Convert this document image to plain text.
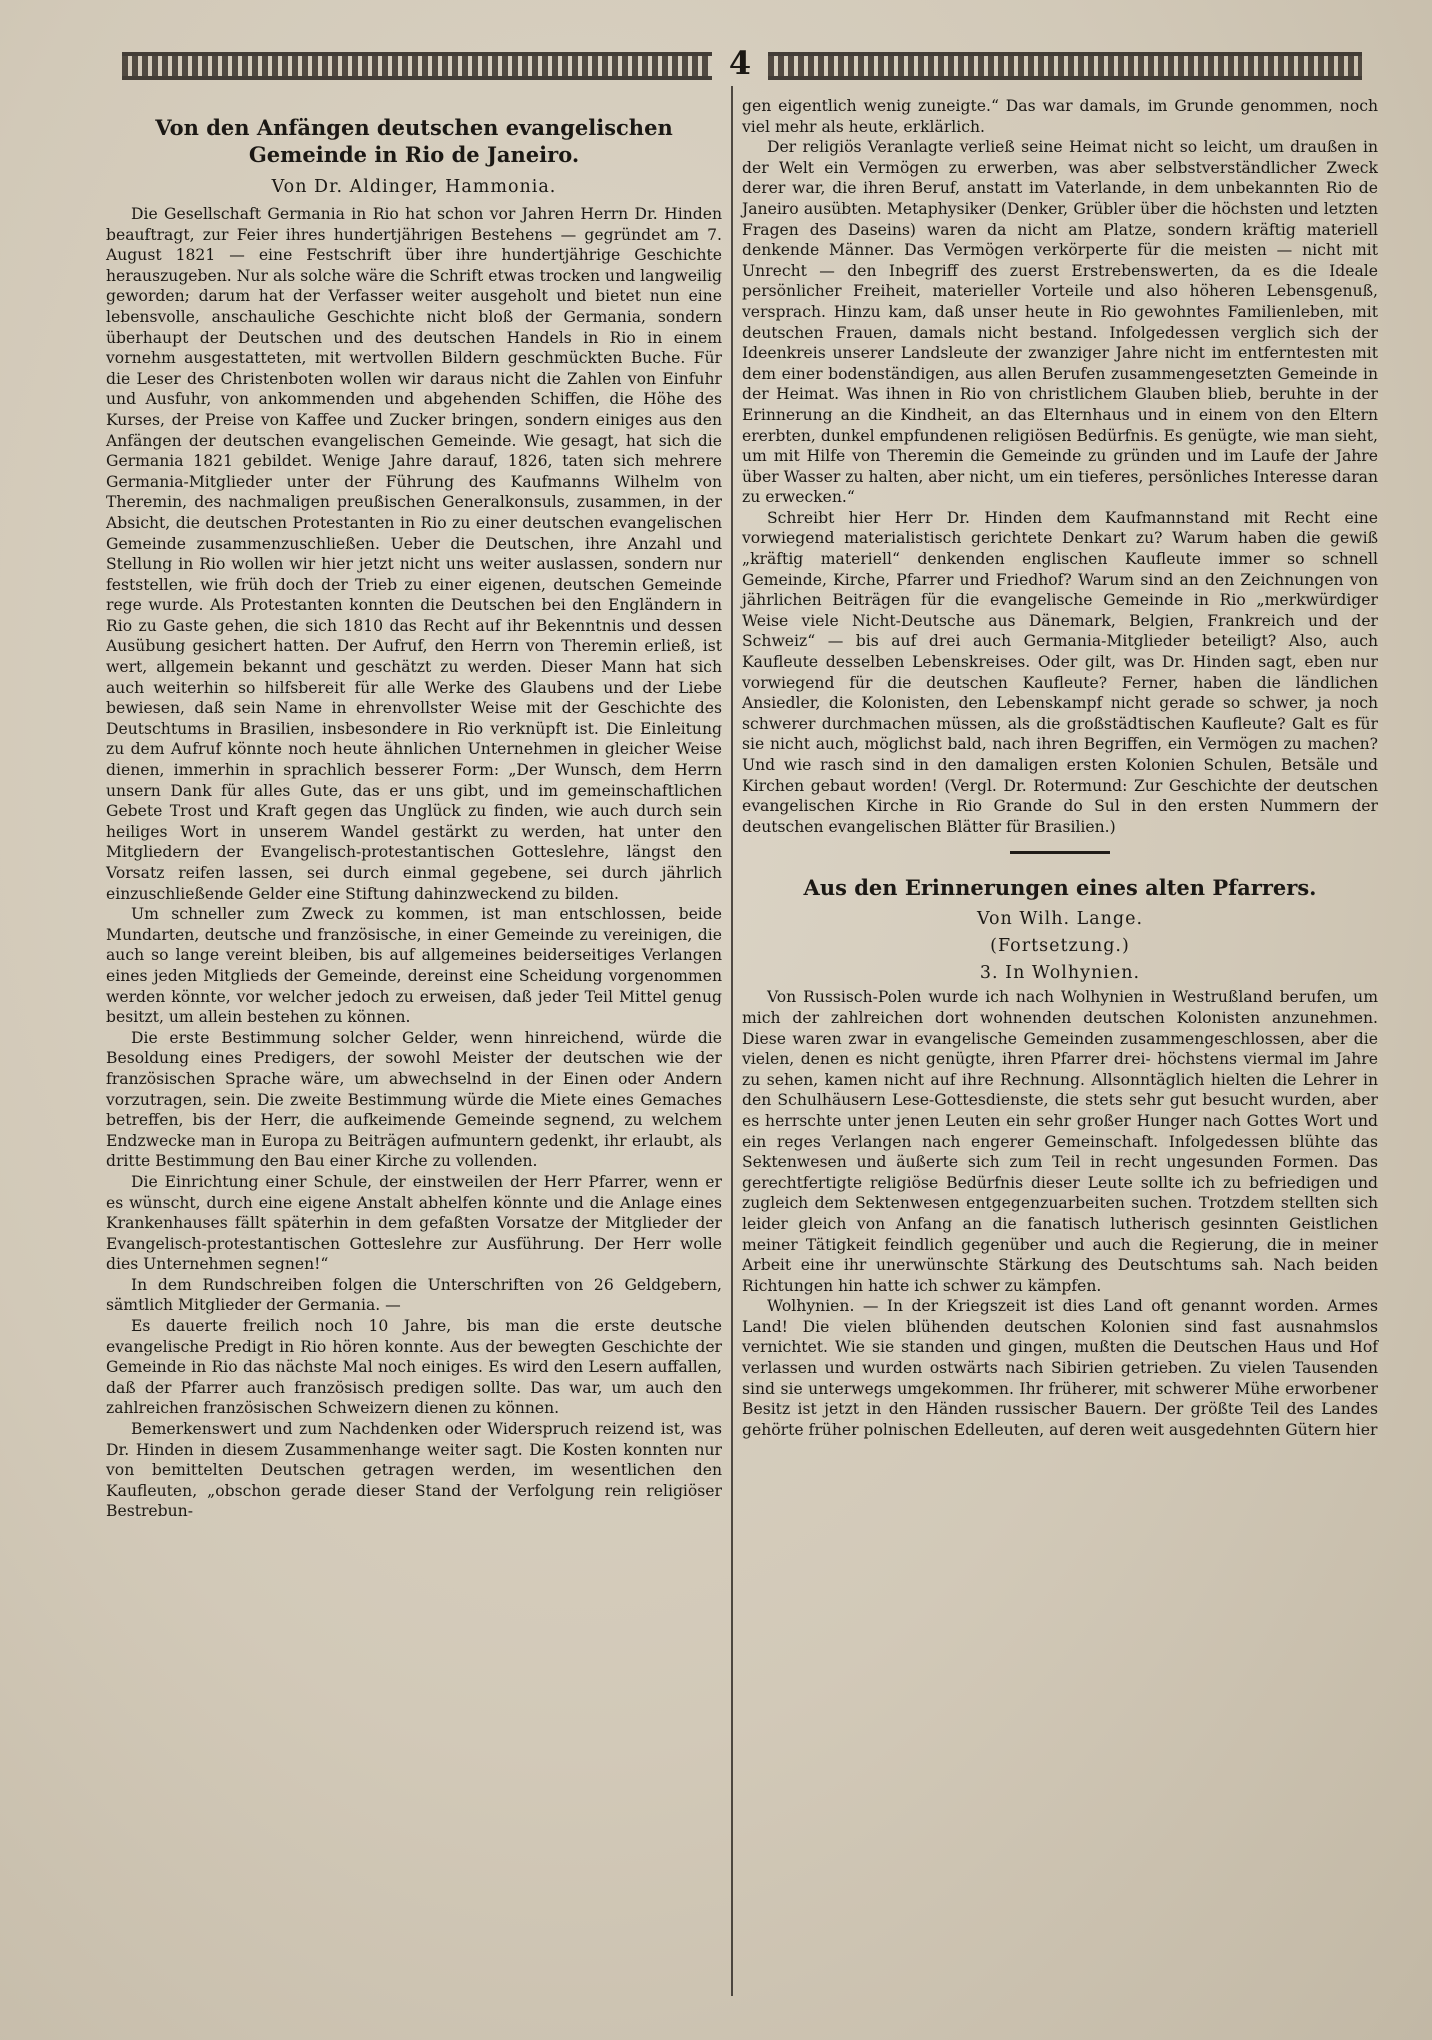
4
Von den Anfängen deutschen evangelischen Gemeinde in Rio de Janeiro.
Von Dr. Aldinger, Hammonia.

Die Gesellschaft Germania in Rio hat schon vor Jahren Herrn Dr. Hinden beauftragt, zur Feier ihres hundertjährigen Bestehens — gegründet am 7. August 1821 — eine Festschrift über ihre hundertjährige Geschichte herauszugeben. Nur als solche wäre die Schrift etwas trocken und langweilig geworden; darum hat der Verfasser weiter ausgeholt und bietet nun eine lebensvolle, anschauliche Geschichte nicht bloß der Germania, sondern überhaupt der Deutschen und des deutschen Handels in Rio in einem vornehm ausgestatteten, mit wertvollen Bildern geschmückten Buche. Für die Leser des Christenboten wollen wir daraus nicht die Zahlen von Einfuhr und Ausfuhr, von ankommenden und abgehenden Schiffen, die Höhe des Kurses, der Preise von Kaffee und Zucker bringen, sondern einiges aus den Anfängen der deutschen evangelischen Gemeinde. Wie gesagt, hat sich die Germania 1821 gebildet. Wenige Jahre darauf, 1826, taten sich mehrere Germania-Mitglieder unter der Führung des Kaufmanns Wilhelm von Theremin, des nachmaligen preußischen Generalkonsuls, zusammen, in der Absicht, die deutschen Protestanten in Rio zu einer deutschen evangelischen Gemeinde zusammenzuschließen. Ueber die Deutschen, ihre Anzahl und Stellung in Rio wollen wir hier jetzt nicht uns weiter auslassen, sondern nur feststellen, wie früh doch der Trieb zu einer eigenen, deutschen Gemeinde rege wurde. Als Protestanten konnten die Deutschen bei den Engländern in Rio zu Gaste gehen, die sich 1810 das Recht auf ihr Bekenntnis und dessen Ausübung gesichert hatten. Der Aufruf, den Herrn von Theremin erließ, ist wert, allgemein bekannt und geschätzt zu werden. Dieser Mann hat sich auch weiterhin so hilfsbereit für alle Werke des Glaubens und der Liebe bewiesen, daß sein Name in ehrenvollster Weise mit der Geschichte des Deutschtums in Brasilien, insbesondere in Rio verknüpft ist. Die Einleitung zu dem Aufruf könnte noch heute ähnlichen Unternehmen in gleicher Weise dienen, immerhin in sprachlich besserer Form: „Der Wunsch, dem Herrn unsern Dank für alles Gute, das er uns gibt, und im gemeinschaftlichen Gebete Trost und Kraft gegen das Unglück zu finden, wie auch durch sein heiliges Wort in unserem Wandel gestärkt zu werden, hat unter den Mitgliedern der Evangelisch-protestantischen Gotteslehre, längst den Vorsatz reifen lassen, sei durch einmal gegebene, sei durch jährlich einzuschließende Gelder eine Stiftung dahinzweckend zu bilden.

Um schneller zum Zweck zu kommen, ist man entschlossen, beide Mundarten, deutsche und französische, in einer Gemeinde zu vereinigen, die auch so lange vereint bleiben, bis auf allgemeines beiderseitiges Verlangen eines jeden Mitglieds der Gemeinde, dereinst eine Scheidung vorgenommen werden könnte, vor welcher jedoch zu erweisen, daß jeder Teil Mittel genug besitzt, um allein bestehen zu können.

Die erste Bestimmung solcher Gelder, wenn hinreichend, würde die Besoldung eines Predigers, der sowohl Meister der deutschen wie der französischen Sprache wäre, um abwechselnd in der Einen oder Andern vorzutragen, sein. Die zweite Bestimmung würde die Miete eines Gemaches betreffen, bis der Herr, die aufkeimende Gemeinde segnend, zu welchem Endzwecke man in Europa zu Beiträgen aufmuntern gedenkt, ihr erlaubt, als dritte Bestimmung den Bau einer Kirche zu vollenden.

Die Einrichtung einer Schule, der einstweilen der Herr Pfarrer, wenn er es wünscht, durch eine eigene Anstalt abhelfen könnte und die Anlage eines Krankenhauses fällt späterhin in dem gefaßten Vorsatze der Mitglieder der Evangelisch-protestantischen Gotteslehre zur Ausführung. Der Herr wolle dies Unternehmen segnen!“

In dem Rundschreiben folgen die Unterschriften von 26 Geldgebern, sämtlich Mitglieder der Germania. —

Es dauerte freilich noch 10 Jahre, bis man die erste deutsche evangelische Predigt in Rio hören konnte. Aus der bewegten Geschichte der Gemeinde in Rio das nächste Mal noch einiges. Es wird den Lesern auffallen, daß der Pfarrer auch französisch predigen sollte. Das war, um auch den zahlreichen französischen Schweizern dienen zu können.

Bemerkenswert und zum Nachdenken oder Widerspruch reizend ist, was Dr. Hinden in diesem Zusammenhange weiter sagt. Die Kosten konnten nur von bemittelten Deutschen getragen werden, im wesentlichen den Kaufleuten, „obschon gerade dieser Stand der Verfolgung rein religiöser Bestrebun-

gen eigentlich wenig zuneigte.“ Das war damals, im Grunde genommen, noch viel mehr als heute, erklärlich.

Der religiös Veranlagte verließ seine Heimat nicht so leicht, um draußen in der Welt ein Vermögen zu erwerben, was aber selbstverständlicher Zweck derer war, die ihren Beruf, anstatt im Vaterlande, in dem unbekannten Rio de Janeiro ausübten. Metaphysiker (Denker, Grübler über die höchsten und letzten Fragen des Daseins) waren da nicht am Platze, sondern kräftig materiell denkende Männer. Das Vermögen verkörperte für die meisten — nicht mit Unrecht — den Inbegriff des zuerst Erstrebenswerten, da es die Ideale persönlicher Freiheit, materieller Vorteile und also höheren Lebensgenuß, versprach. Hinzu kam, daß unser heute in Rio gewohntes Familienleben, mit deutschen Frauen, damals nicht bestand. Infolgedessen verglich sich der Ideenkreis unserer Landsleute der zwanziger Jahre nicht im entferntesten mit dem einer bodenständigen, aus allen Berufen zusammengesetzten Gemeinde in der Heimat. Was ihnen in Rio von christlichem Glauben blieb, beruhte in der Erinnerung an die Kindheit, an das Elternhaus und in einem von den Eltern ererbten, dunkel empfundenen religiösen Bedürfnis. Es genügte, wie man sieht, um mit Hilfe von Theremin die Gemeinde zu gründen und im Laufe der Jahre über Wasser zu halten, aber nicht, um ein tieferes, persönliches Interesse daran zu erwecken.“

Schreibt hier Herr Dr. Hinden dem Kaufmannstand mit Recht eine vorwiegend materialistisch gerichtete Denkart zu? Warum haben die gewiß „kräftig materiell“ denkenden englischen Kaufleute immer so schnell Gemeinde, Kirche, Pfarrer und Friedhof? Warum sind an den Zeichnungen von jährlichen Beiträgen für die evangelische Gemeinde in Rio „merkwürdiger Weise viele Nicht-Deutsche aus Dänemark, Belgien, Frankreich und der Schweiz“ — bis auf drei auch Germania-Mitglieder beteiligt? Also, auch Kaufleute desselben Lebenskreises. Oder gilt, was Dr. Hinden sagt, eben nur vorwiegend für die deutschen Kaufleute? Ferner, haben die ländlichen Ansiedler, die Kolonisten, den Lebenskampf nicht gerade so schwer, ja noch schwerer durchmachen müssen, als die großstädtischen Kaufleute? Galt es für sie nicht auch, möglichst bald, nach ihren Begriffen, ein Vermögen zu machen? Und wie rasch sind in den damaligen ersten Kolonien Schulen, Betsäle und Kirchen gebaut worden! (Vergl. Dr. Rotermund: Zur Geschichte der deutschen evangelischen Kirche in Rio Grande do Sul in den ersten Nummern der deutschen evangelischen Blätter für Brasilien.)

Aus den Erinnerungen eines alten Pfarrers.
Von Wilh. Lange.
(Fortsetzung.)
3. In Wolhynien.

Von Russisch-Polen wurde ich nach Wolhynien in Westrußland berufen, um mich der zahlreichen dort wohnenden deutschen Kolonisten anzunehmen. Diese waren zwar in evangelische Gemeinden zusammengeschlossen, aber die vielen, denen es nicht genügte, ihren Pfarrer drei- höchstens viermal im Jahre zu sehen, kamen nicht auf ihre Rechnung. Allsonntäglich hielten die Lehrer in den Schulhäusern Lese-Gottesdienste, die stets sehr gut besucht wurden, aber es herrschte unter jenen Leuten ein sehr großer Hunger nach Gottes Wort und ein reges Verlangen nach engerer Gemeinschaft. Infolgedessen blühte das Sektenwesen und äußerte sich zum Teil in recht ungesunden Formen. Das gerechtfertigte religiöse Bedürfnis dieser Leute sollte ich zu befriedigen und zugleich dem Sektenwesen entgegenzuarbeiten suchen. Trotzdem stellten sich leider gleich von Anfang an die fanatisch lutherisch gesinnten Geistlichen meiner Tätigkeit feindlich gegenüber und auch die Regierung, die in meiner Arbeit eine ihr unerwünschte Stärkung des Deutschtums sah. Nach beiden Richtungen hin hatte ich schwer zu kämpfen.

Wolhynien. — In der Kriegszeit ist dies Land oft genannt worden. Armes Land! Die vielen blühenden deutschen Kolonien sind fast ausnahmslos vernichtet. Wie sie standen und gingen, mußten die Deutschen Haus und Hof verlassen und wurden ostwärts nach Sibirien getrieben. Zu vielen Tausenden sind sie unterwegs umgekommen. Ihr früherer, mit schwerer Mühe erworbener Besitz ist jetzt in den Händen russischer Bauern. Der größte Teil des Landes gehörte früher polnischen Edelleuten, auf deren weit ausgedehnten Gütern hier
